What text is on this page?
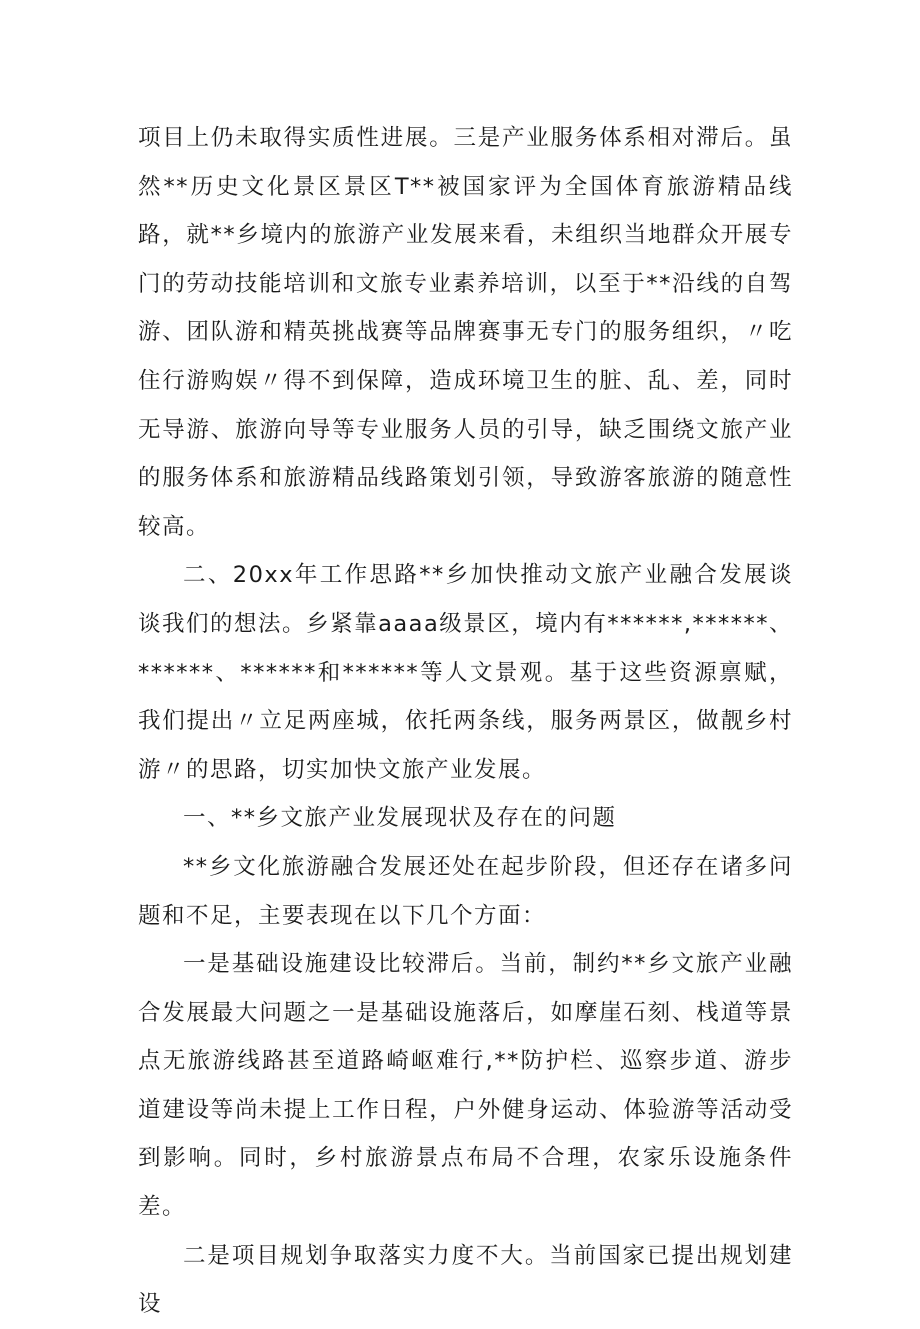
项目上仍未取得实质性进展。三是产业服务体系相对滞后。虽然**历史文化景区景区T**被国家评为全国体育旅游精品线路，就**乡境内的旅游产业发展来看，未组织当地群众开展专门的劳动技能培训和文旅专业素养培训，以至于**沿线的自驾游、团队游和精英挑战赛等品牌赛事无专门的服务组织，〃吃住行游购娱〃得不到保障，造成环境卫生的脏、乱、差，同时无导游、旅游向导等专业服务人员的引导，缺乏围绕文旅产业的服务体系和旅游精品线路策划引领，导致游客旅游的随意性较高。

二、20xx年工作思路**乡加快推动文旅产业融合发展谈谈我们的想法。乡紧靠aaaa级景区，境内有******,******、******、******和******等人文景观。基于这些资源禀赋，我们提出〃立足两座城，依托两条线，服务两景区，做靓乡村游〃的思路，切实加快文旅产业发展。

一、**乡文旅产业发展现状及存在的问题

**乡文化旅游融合发展还处在起步阶段，但还存在诸多问题和不足，主要表现在以下几个方面：

一是基础设施建设比较滞后。当前，制约**乡文旅产业融合发展最大问题之一是基础设施落后，如摩崖石刻、栈道等景点无旅游线路甚至道路崎岖难行,**防护栏、巡察步道、游步道建设等尚未提上工作日程，户外健身运动、体验游等活动受到影响。同时，乡村旅游景点布局不合理，农家乐设施条件差。

二是项目规划争取落实力度不大。当前国家已提出规划建设
